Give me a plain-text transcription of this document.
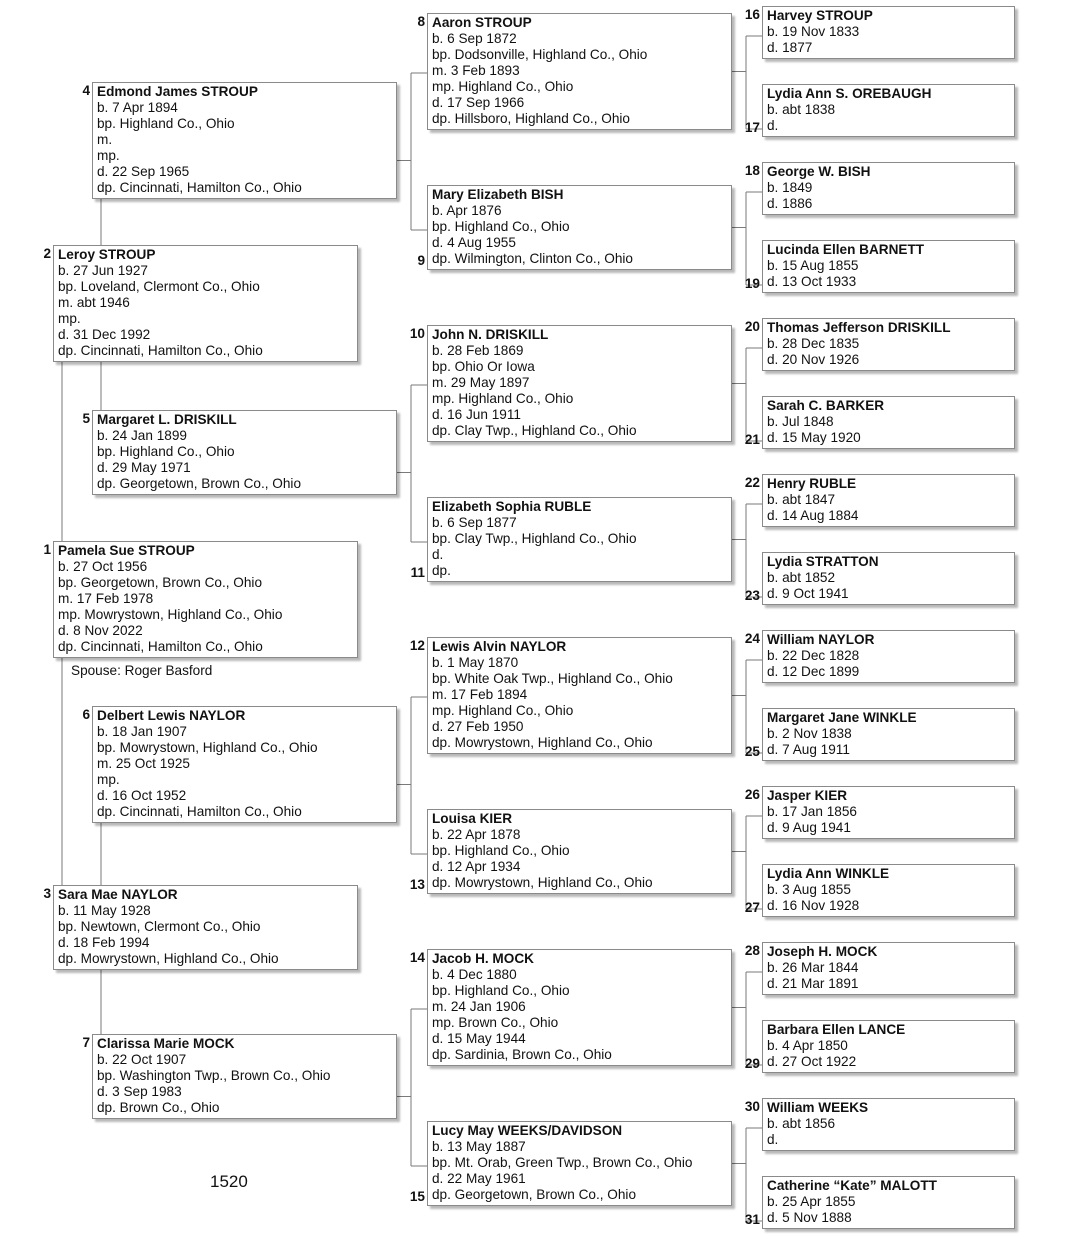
Pamela Sue STROUP
b. 27 Oct 1956
bp. Georgetown, Brown Co., Ohio
m. 17 Feb 1978
mp. Mowrystown, Highland Co., Ohio
d. 8 Nov 2022
dp. Cincinnati, Hamilton Co., Ohio
1
Leroy STROUP
b. 27 Jun 1927
bp. Loveland, Clermont Co., Ohio
m. abt 1946
mp.
d. 31 Dec 1992
dp. Cincinnati, Hamilton Co., Ohio
2
Sara Mae NAYLOR
b. 11 May 1928
bp. Newtown, Clermont Co., Ohio
d. 18 Feb 1994
dp. Mowrystown, Highland Co., Ohio
3
Edmond James STROUP
b. 7 Apr 1894
bp. Highland Co., Ohio
m.
mp.
d. 22 Sep 1965
dp. Cincinnati, Hamilton Co., Ohio
4
Margaret L. DRISKILL
b. 24 Jan 1899
bp. Highland Co., Ohio
d. 29 May 1971
dp. Georgetown, Brown Co., Ohio
5
Delbert Lewis NAYLOR
b. 18 Jan 1907
bp. Mowrystown, Highland Co., Ohio
m. 25 Oct 1925
mp.
d. 16 Oct 1952
dp. Cincinnati, Hamilton Co., Ohio
6
Clarissa Marie MOCK
b. 22 Oct 1907
bp. Washington Twp., Brown Co., Ohio
d. 3 Sep 1983
dp. Brown Co., Ohio
7
Aaron STROUP
b. 6 Sep 1872
bp. Dodsonville, Highland Co., Ohio
m. 3 Feb 1893
mp. Highland Co., Ohio
d. 17 Sep 1966
dp. Hillsboro, Highland Co., Ohio
8
Mary Elizabeth BISH
b. Apr 1876
bp. Highland Co., Ohio
d. 4 Aug 1955
dp. Wilmington, Clinton Co., Ohio
9
John N. DRISKILL
b. 28 Feb 1869
bp. Ohio Or Iowa
m. 29 May 1897
mp. Highland Co., Ohio
d. 16 Jun 1911
dp. Clay Twp., Highland Co., Ohio
10
Elizabeth Sophia RUBLE
b. 6 Sep 1877
bp. Clay Twp., Highland Co., Ohio
d.
dp.
11
Lewis Alvin NAYLOR
b. 1 May 1870
bp. White Oak Twp., Highland Co., Ohio
m. 17 Feb 1894
mp. Highland Co., Ohio
d. 27 Feb 1950
dp. Mowrystown, Highland Co., Ohio
12
Louisa KIER
b. 22 Apr 1878
bp. Highland Co., Ohio
d. 12 Apr 1934
dp. Mowrystown, Highland Co., Ohio
13
Jacob H. MOCK
b. 4 Dec 1880
bp. Highland Co., Ohio
m. 24 Jan 1906
mp. Brown Co., Ohio
d. 15 May 1944
dp. Sardinia, Brown Co., Ohio
14
Lucy May WEEKS/DAVIDSON
b. 13 May 1887
bp. Mt. Orab, Green Twp., Brown Co., Ohio
d. 22 May 1961
dp. Georgetown, Brown Co., Ohio
15
Harvey STROUP
b. 19 Nov 1833
d. 1877
16
Lydia Ann S. OREBAUGH
b. abt 1838
d.
17
George W. BISH
b. 1849
d. 1886
18
Lucinda Ellen BARNETT
b. 15 Aug 1855
d. 13 Oct 1933
19
Thomas Jefferson DRISKILL
b. 28 Dec 1835
d. 20 Nov 1926
20
Sarah C. BARKER
b. Jul 1848
d. 15 May 1920
21
Henry RUBLE
b. abt 1847
d. 14 Aug 1884
22
Lydia STRATTON
b. abt 1852
d. 9 Oct 1941
23
William NAYLOR
b. 22 Dec 1828
d. 12 Dec 1899
24
Margaret Jane WINKLE
b. 2 Nov 1838
d. 7 Aug 1911
25
Jasper KIER
b. 17 Jan 1856
d. 9 Aug 1941
26
Lydia Ann WINKLE
b. 3 Aug 1855
d. 16 Nov 1928
27
Joseph H. MOCK
b. 26 Mar 1844
d. 21 Mar 1891
28
Barbara Ellen LANCE
b. 4 Apr 1850
d. 27 Oct 1922
29
William WEEKS
b. abt 1856
d.
30
Catherine “Kate” MALOTT
b. 25 Apr 1855
d. 5 Nov 1888
31
Spouse: Roger Basford
1520
